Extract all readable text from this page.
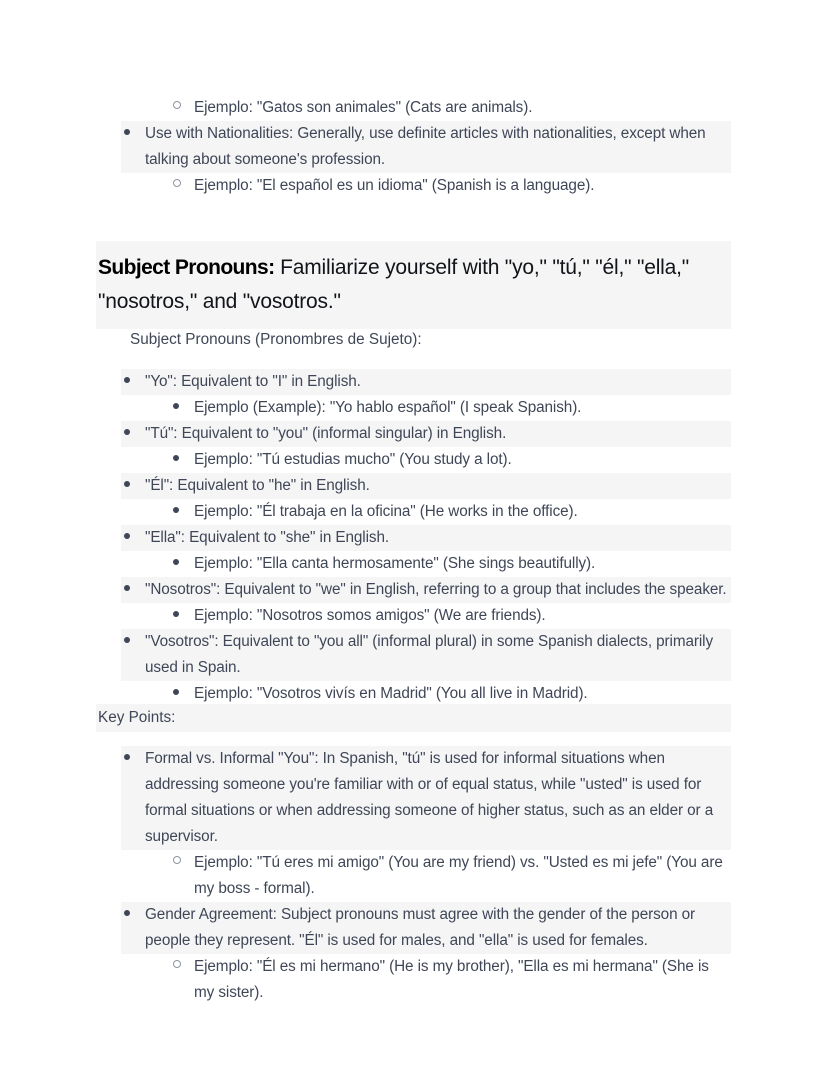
Ejemplo: "Gatos son animales" (Cats are animals).
Use with Nationalities: Generally, use definite articles with nationalities, except when talking about someone's profession.
Ejemplo: "El español es un idioma" (Spanish is a language).
Subject Pronouns: Familiarize yourself with "yo," "tú," "él," "ella," "nosotros," and "vosotros."
Subject Pronouns (Pronombres de Sujeto):
"Yo": Equivalent to "I" in English.
Ejemplo (Example): "Yo hablo español" (I speak Spanish).
"Tú": Equivalent to "you" (informal singular) in English.
Ejemplo: "Tú estudias mucho" (You study a lot).
"Él": Equivalent to "he" in English.
Ejemplo: "Él trabaja en la oficina" (He works in the office).
"Ella": Equivalent to "she" in English.
Ejemplo: "Ella canta hermosamente" (She sings beautifully).
"Nosotros": Equivalent to "we" in English, referring to a group that includes the speaker.
Ejemplo: "Nosotros somos amigos" (We are friends).
"Vosotros": Equivalent to "you all" (informal plural) in some Spanish dialects, primarily used in Spain.
Ejemplo: "Vosotros vivís en Madrid" (You all live in Madrid).
Key Points:
Formal vs. Informal "You": In Spanish, "tú" is used for informal situations when addressing someone you're familiar with or of equal status, while "usted" is used for formal situations or when addressing someone of higher status, such as an elder or a supervisor.
Ejemplo: "Tú eres mi amigo" (You are my friend) vs. "Usted es mi jefe" (You are my boss - formal).
Gender Agreement: Subject pronouns must agree with the gender of the person or people they represent. "Él" is used for males, and "ella" is used for females.
Ejemplo: "Él es mi hermano" (He is my brother), "Ella es mi hermana" (She is my sister).
